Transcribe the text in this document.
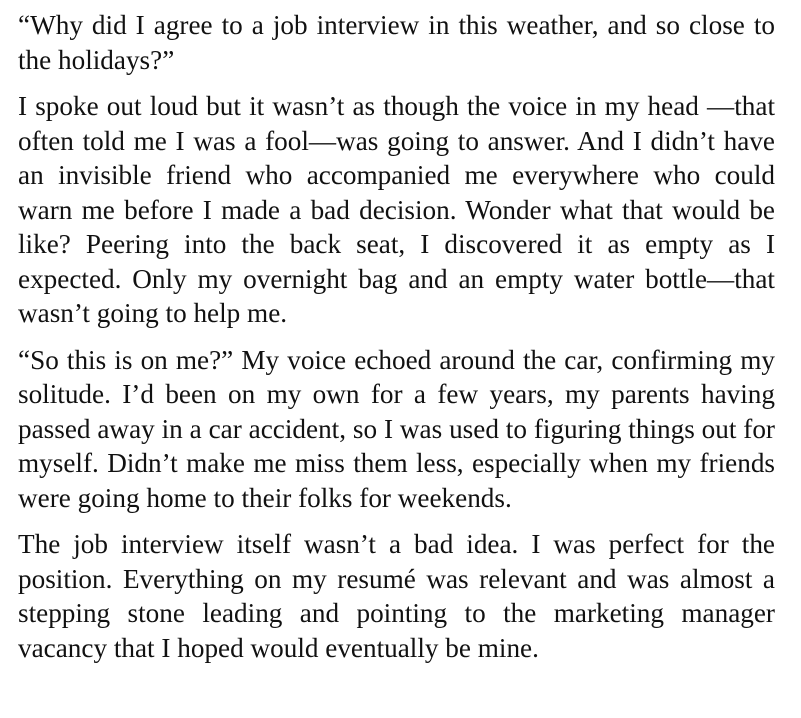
“Why did I agree to a job interview in this weather, and so close to the holidays?”

I spoke out loud but it wasn’t as though the voice in my head —that often told me I was a fool—was going to answer. And I didn’t have an invisible friend who accompanied me everywhere who could warn me before I made a bad decision. Wonder what that would be like? Peering into the back seat, I discovered it as empty as I expected. Only my overnight bag and an empty water bottle—that wasn’t going to help me.

“So this is on me?” My voice echoed around the car, confirming my solitude. I’d been on my own for a few years, my parents having passed away in a car accident, so I was used to figuring things out for myself. Didn’t make me miss them less, especially when my friends were going home to their folks for weekends.

The job interview itself wasn’t a bad idea. I was perfect for the position. Everything on my resumé was relevant and was almost a stepping stone leading and pointing to the marketing manager vacancy that I hoped would eventually be mine.
